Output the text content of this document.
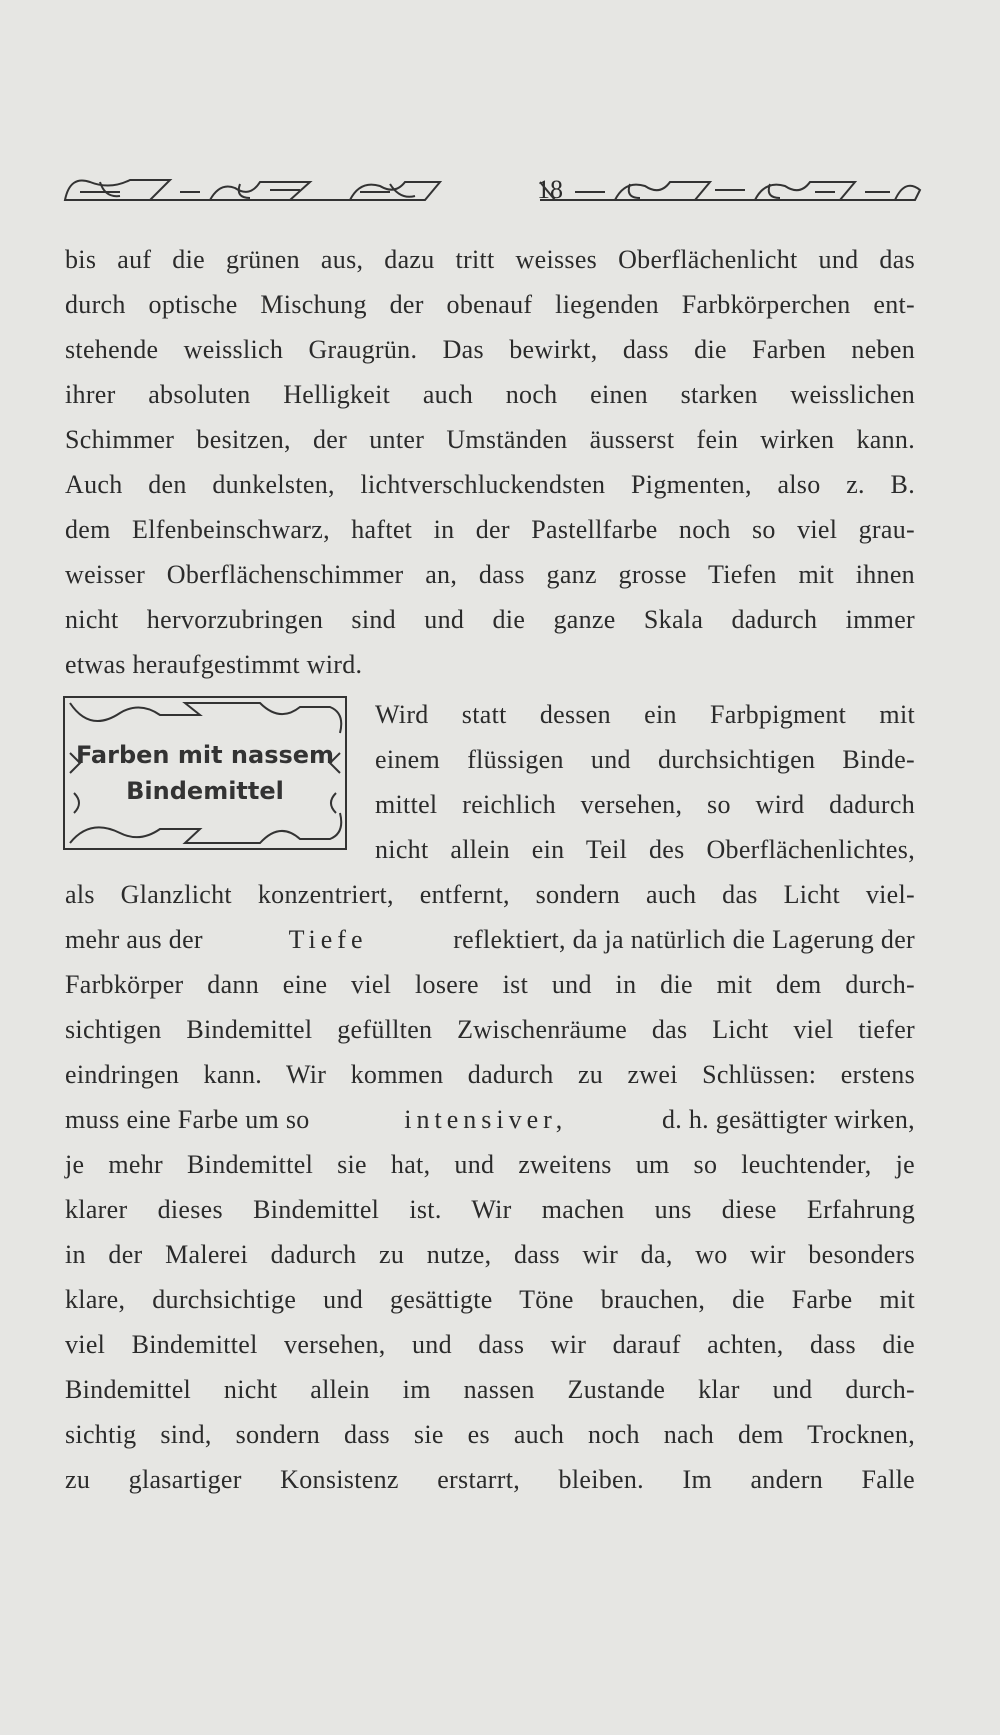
18
bis auf die grünen aus, dazu tritt weisses Oberflächenlicht und das
durch optische Mischung der obenauf liegenden Farbkörperchen ent-
stehende weisslich Graugrün. Das bewirkt, dass die Farben neben
ihrer absoluten Helligkeit auch noch einen starken weisslichen
Schimmer besitzen, der unter Umständen äusserst fein wirken kann.
Auch den dunkelsten, lichtverschluckendsten Pigmenten, also z. B.
dem Elfenbeinschwarz, haftet in der Pastellfarbe noch so viel grau-
weisser Oberflächenschimmer an, dass ganz grosse Tiefen mit ihnen
nicht hervorzubringen sind und die ganze Skala dadurch immer
etwas heraufgestimmt wird.
Farben mit nassem
Bindemittel
Wird statt dessen ein Farbpigment mit
einem flüssigen und durchsichtigen Binde-
mittel reichlich versehen, so wird dadurch
nicht allein ein Teil des Oberflächenlichtes,
als Glanzlicht konzentriert, entfernt, sondern auch das Licht viel-
mehr aus der	Tiefe	reflektiert, da ja natürlich die Lagerung der
Farbkörper dann eine viel losere ist und in die mit dem durch-
sichtigen Bindemittel gefüllten Zwischenräume das Licht viel tiefer
eindringen kann. Wir kommen dadurch zu zwei Schlüssen: erstens
muss eine Farbe um so	intensiver,	d. h. gesättigter wirken,
je mehr Bindemittel sie hat, und zweitens um so leuchtender, je
klarer dieses Bindemittel ist. Wir machen uns diese Erfahrung
in der Malerei dadurch zu nutze, dass wir da, wo wir besonders
klare, durchsichtige und gesättigte Töne brauchen, die Farbe mit
viel Bindemittel versehen, und dass wir darauf achten, dass die
Bindemittel nicht allein im nassen Zustande klar und durch-
sichtig sind, sondern dass sie es auch noch nach dem Trocknen,
zu glasartiger Konsistenz erstarrt, bleiben. Im andern Falle
